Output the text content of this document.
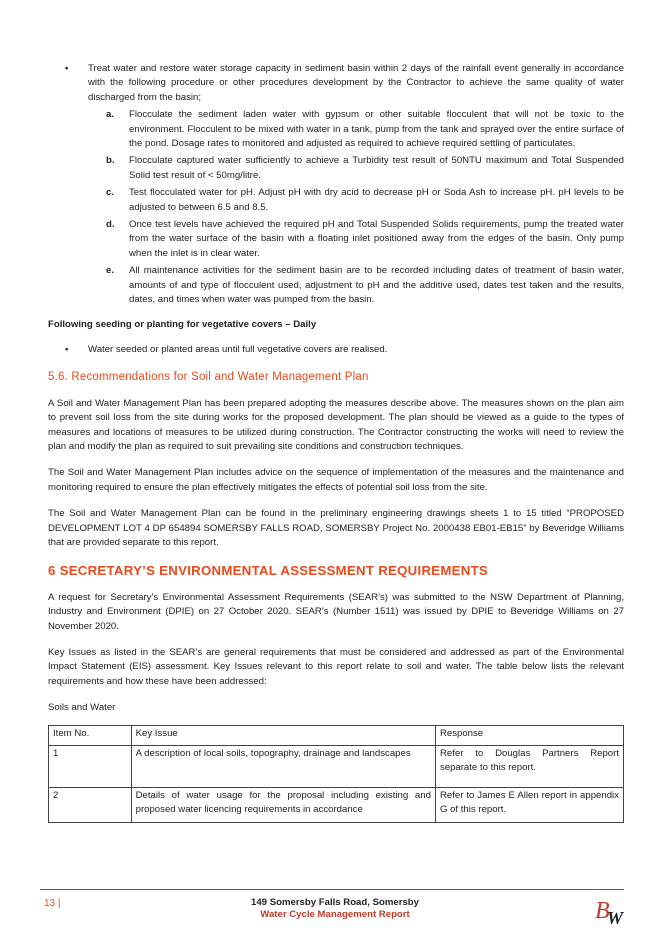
• Treat water and restore water storage capacity in sediment basin within 2 days of the rainfall event generally in accordance with the following procedure or other procedures development by the Contractor to achieve the same quality of water discharged from the basin;
a. Flocculate the sediment laden water with gypsum or other suitable flocculent that will not be toxic to the environment. Flocculent to be mixed with water in a tank, pump from the tank and sprayed over the entire surface of the pond. Dosage rates to monitored and adjusted as required to achieve required settling of particulates.
b. Flocculate captured water sufficiently to achieve a Turbidity test result of 50NTU maximum and Total Suspended Solid test result of < 50mg/litre.
c. Test flocculated water for pH. Adjust pH with dry acid to decrease pH or Soda Ash to increase pH. pH levels to be adjusted to between 6.5 and 8.5.
d. Once test levels have achieved the required pH and Total Suspended Solids requirements, pump the treated water from the water surface of the basin with a floating inlet positioned away from the edges of the basin. Only pump when the inlet is in clear water.
e. All maintenance activities for the sediment basin are to be recorded including dates of treatment of basin water, amounts of and type of flocculent used, adjustment to pH and the additive used, dates test taken and the results, dates, and times when water was pumped from the basin.

Following seeding or planting for vegetative covers – Daily

• Water seeded or planted areas until full vegetative covers are realised.

5.6. Recommendations for Soil and Water Management Plan

A Soil and Water Management Plan has been prepared adopting the measures describe above. The measures shown on the plan aim to prevent soil loss from the site during works for the proposed development. The plan should be viewed as a guide to the types of measures and locations of measures to be utilized during construction. The Contractor constructing the works will need to review the plan and modify the plan as required to suit prevailing site conditions and construction techniques.

The Soil and Water Management Plan includes advice on the sequence of implementation of the measures and the maintenance and monitoring required to ensure the plan effectively mitigates the effects of potential soil loss from the site.

The Soil and Water Management Plan can be found in the preliminary engineering drawings sheets 1 to 15 titled “PROPOSED DEVELOPMENT LOT 4 DP 654894 SOMERSBY FALLS ROAD, SOMERSBY Project No. 2000438 EB01-EB15” by Beveridge Williams that are provided separate to this report.

6 SECRETARY’S ENVIRONMENTAL ASSESSMENT REQUIREMENTS

A request for Secretary’s Environmental Assessment Requirements (SEAR’s) was submitted to the NSW Department of Planning, Industry and Environment (DPIE) on 27 October 2020. SEAR’s (Number 1511) was issued by DPIE to Beveridge Williams on 27 November 2020.

Key Issues as listed in the SEAR’s are general requirements that must be considered and addressed as part of the Environmental Impact Statement (EIS) assessment. Key Issues relevant to this report relate to soil and water. The table below lists the relevant requirements and how these have been addressed:

Soils and Water

Item No.	Key Issue	Response
1	A description of local soils, topography, drainage and landscapes	Refer to Douglas Partners Report separate to this report.
2	Details of water usage for the proposal including existing and proposed water licencing requirements in accordance	Refer to James E Allen report in appendix G of this report.
13 |	149 Somersby Falls Road, Somersby
Water Cycle Management Report	B
W
